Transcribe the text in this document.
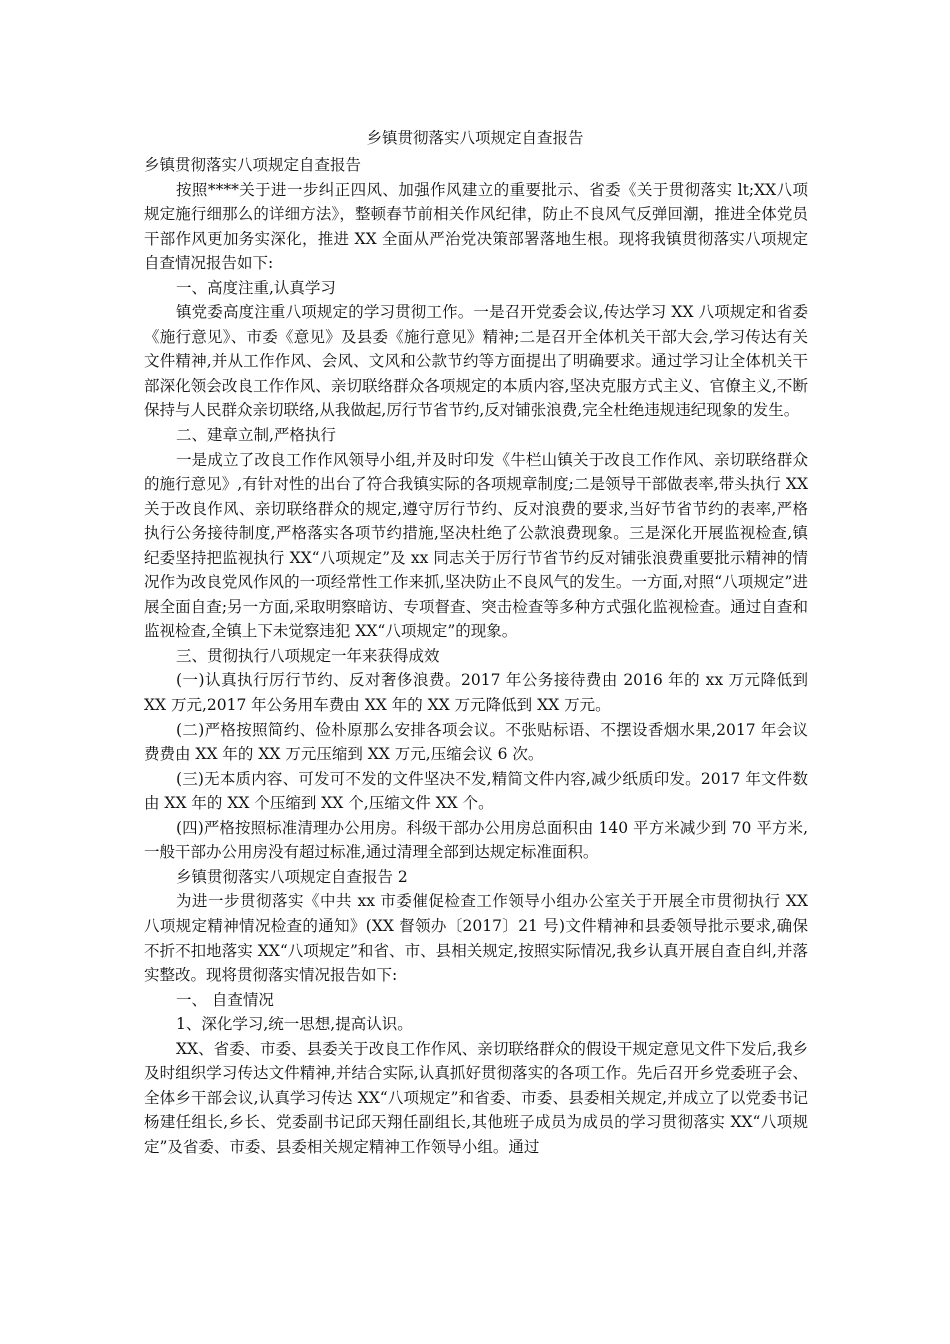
乡镇贯彻落实八项规定自查报告

乡镇贯彻落实八项规定自查报告

按照****关于进一步纠正四风、加强作风建立的重要批示、省委《关于贯彻落实 lt;XX八项规定施行细那么的详细方法》，整顿春节前相关作风纪律，防止不良风气反弹回潮，推进全体党员干部作风更加务实深化，推进 XX 全面从严治党决策部署落地生根。现将我镇贯彻落实八项规定自查情况报告如下:

一、高度注重,认真学习

镇党委高度注重八项规定的学习贯彻工作。一是召开党委会议,传达学习 XX 八项规定和省委《施行意见》、市委《意见》及县委《施行意见》精神;二是召开全体机关干部大会,学习传达有关文件精神,并从工作作风、会风、文风和公款节约等方面提出了明确要求。通过学习让全体机关干部深化领会改良工作作风、亲切联络群众各项规定的本质内容,坚决克服方式主义、官僚主义,不断保持与人民群众亲切联络,从我做起,厉行节省节约,反对铺张浪费,完全杜绝违规违纪现象的发生。

二、建章立制,严格执行

一是成立了改良工作作风领导小组,并及时印发《牛栏山镇关于改良工作作风、亲切联络群众的施行意见》,有针对性的出台了符合我镇实际的各项规章制度;二是领导干部做表率,带头执行 XX 关于改良作风、亲切联络群众的规定,遵守厉行节约、反对浪费的要求,当好节省节约的表率,严格执行公务接待制度,严格落实各项节约措施,坚决杜绝了公款浪费现象。三是深化开展监视检查,镇纪委坚持把监视执行 XX“八项规定”及 xx 同志关于厉行节省节约反对铺张浪费重要批示精神的情况作为改良党风作风的一项经常性工作来抓,坚决防止不良风气的发生。一方面,对照“八项规定”进展全面自查;另一方面,采取明察暗访、专项督查、突击检查等多种方式强化监视检查。通过自查和监视检查,全镇上下未觉察违犯 XX“八项规定”的现象。

三、贯彻执行八项规定一年来获得成效

(一)认真执行厉行节约、反对奢侈浪费。2017 年公务接待费由 2016 年的 xx 万元降低到 XX 万元,2017 年公务用车费由 XX 年的 XX 万元降低到 XX 万元。

(二)严格按照简约、俭朴原那么安排各项会议。不张贴标语、不摆设香烟水果,2017 年会议费费由 XX 年的 XX 万元压缩到 XX 万元,压缩会议 6 次。

(三)无本质内容、可发可不发的文件坚决不发,精简文件内容,减少纸质印发。2017 年文件数由 XX 年的 XX 个压缩到 XX 个,压缩文件 XX 个。

(四)严格按照标准清理办公用房。科级干部办公用房总面积由 140 平方米减少到 70 平方米,一般干部办公用房没有超过标准,通过清理全部到达规定标准面积。

乡镇贯彻落实八项规定自查报告 2

为进一步贯彻落实《中共 xx 市委催促检查工作领导小组办公室关于开展全市贯彻执行 XX 八项规定精神情况检查的通知》(XX 督领办〔2017〕21 号)文件精神和县委领导批示要求,确保不折不扣地落实 XX“八项规定”和省、市、县相关规定,按照实际情况,我乡认真开展自查自纠,并落实整改。现将贯彻落实情况报告如下:

一、 自查情况

1、深化学习,统一思想,提高认识。

XX、省委、市委、县委关于改良工作作风、亲切联络群众的假设干规定意见文件下发后,我乡及时组织学习传达文件精神,并结合实际,认真抓好贯彻落实的各项工作。先后召开乡党委班子会、全体乡干部会议,认真学习传达 XX“八项规定”和省委、市委、县委相关规定,并成立了以党委书记杨建任组长,乡长、党委副书记邱天翔任副组长,其他班子成员为成员的学习贯彻落实 XX“八项规定”及省委、市委、县委相关规定精神工作领导小组。通过
